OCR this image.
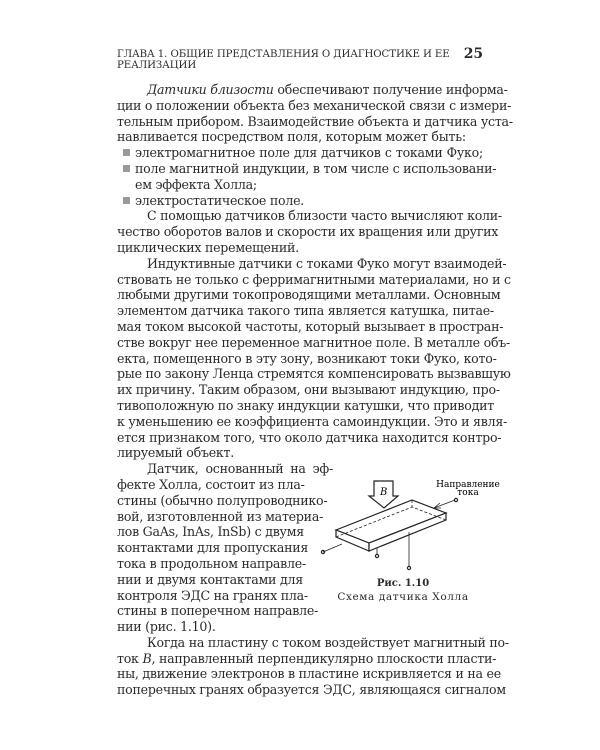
ГЛАВА 1. ОБЩИЕ ПРЕДСТАВЛЕНИЯ О ДИАГНОСТИКЕ И ЕЕ РЕАЛИЗАЦИИ
25
Датчики близости обеспечивают получение информа-
ции о положении объекта без механической связи с измери-
тельным прибором. Взаимодействие объекта и датчика уста-
навливается посредством поля, которым может быть:
электромагнитное поле для датчиков с токами Фуко;
поле магнитной индукции, в том числе с использовани-
ем эффекта Холла;
электростатическое поле.
С помощью датчиков близости часто вычисляют коли-
чество оборотов валов и скорости их вращения или других
циклических перемещений.
Индуктивные датчики с токами Фуко могут взаимодей-
ствовать не только с ферримагнитными материалами, но и с
любыми другими токопроводящими металлами. Основным
элементом датчика такого типа является катушка, питае-
мая током высокой частоты, который вызывает в простран-
стве вокруг нее переменное магнитное поле. В металле объ-
екта, помещенного в эту зону, возникают токи Фуко, кото-
рые по закону Ленца стремятся компенсировать вызвавшую
их причину. Таким образом, они вызывают индукцию, про-
тивоположную по знаку индукции катушки, что приводит
к уменьшению ее коэффициента самоиндукции. Это и явля-
ется признаком того, что около датчика находится контро-
лируемый объект.
Датчик, основанный на эф-
фекте Холла, состоит из пла-
стины (обычно полупроводнико-
вой, изготовленной из материа-
лов GaAs, InAs, InSb) с двумя
контактами для пропускания
тока в продольном направле-
нии и двумя контактами для
контроля ЭДС на гранях пла-
стины в поперечном направле-
нии (рис. 1.10).
Когда на пластину с током воздействует магнитный по-
ток B, направленный перпендикулярно плоскости пласти-
ны, движение электронов в пластине искривляется и на ее
поперечных гранях образуется ЭДС, являющаяся сигналом
B
Направление
тока
Рис. 1.10
Схема датчика Холла
